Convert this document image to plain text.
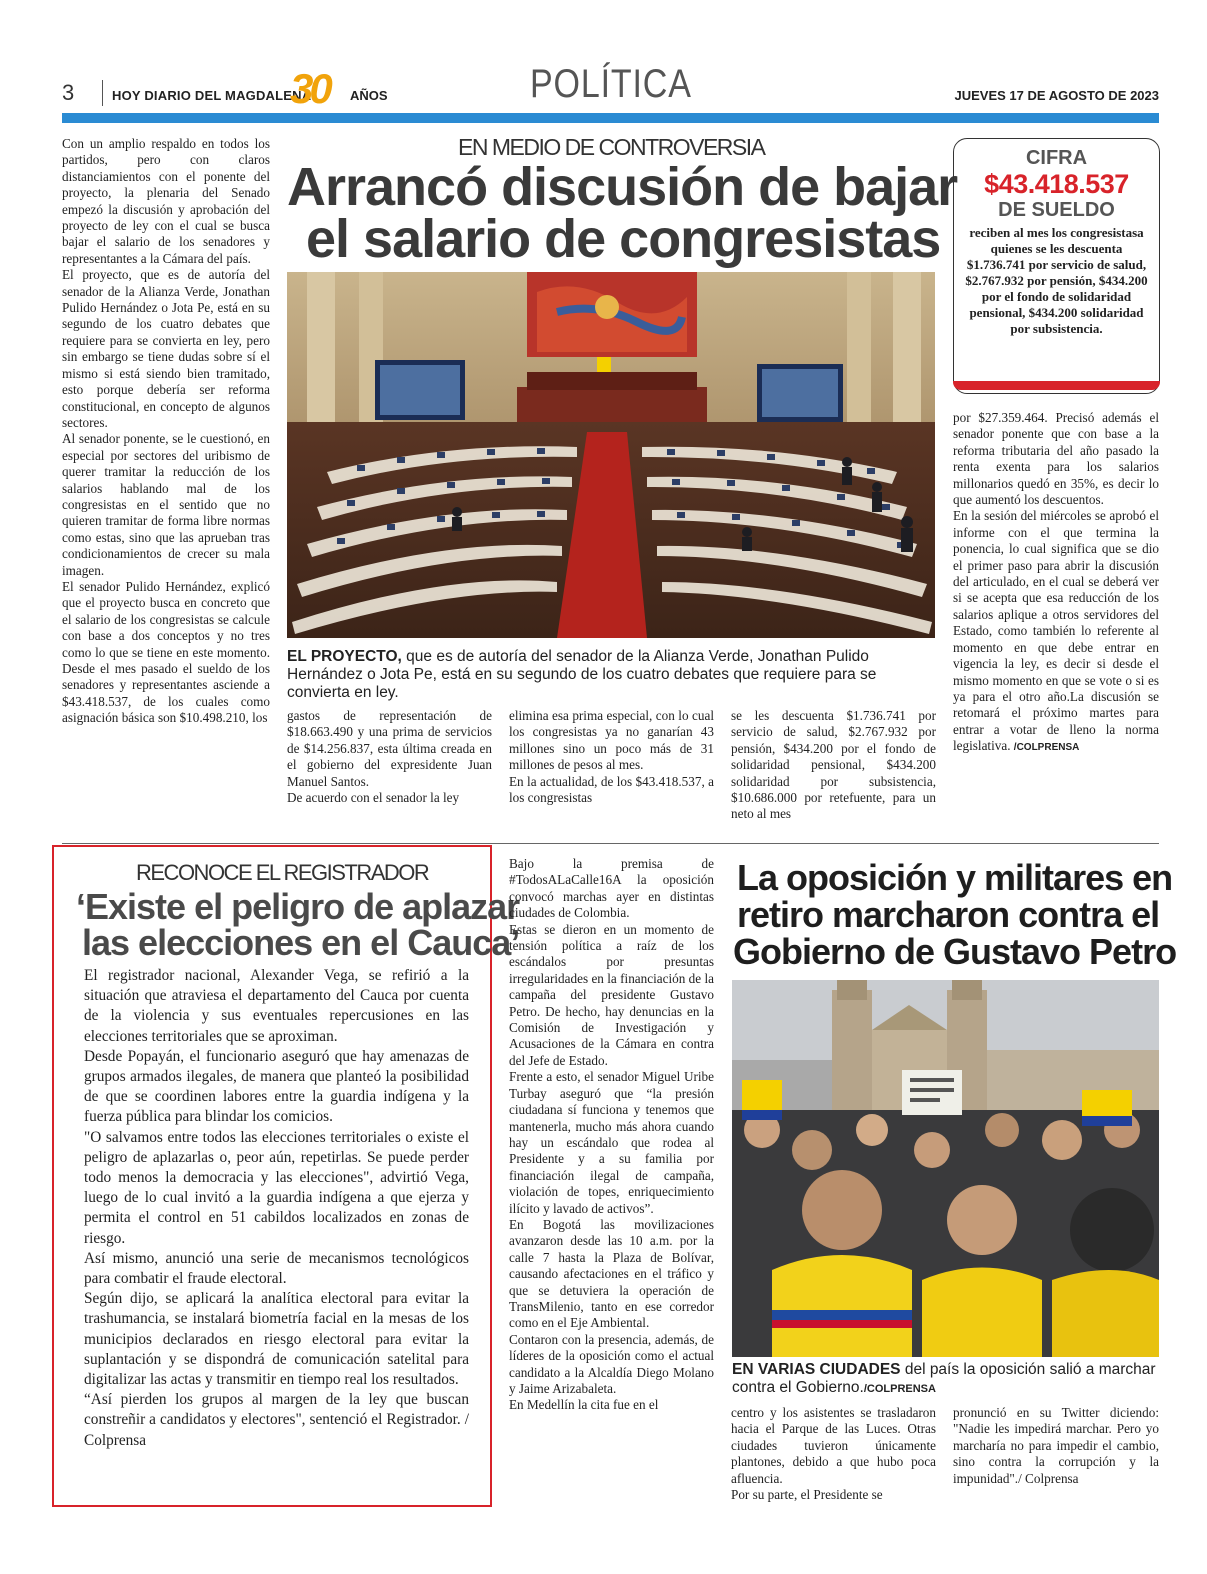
3	HOY DIARIO DEL MAGDALENA
30 AÑOS	POLÍTICA	JUEVES 17 DE AGOSTO DE 2023

Con un amplio respaldo en todos los partidos, pero con claros distanciamientos con el ponente del proyecto, la plenaria del Senado empezó la discusión y aprobación del proyecto de ley con el cual se busca bajar el salario de los senadores y representantes a la Cámara del país.

El proyecto, que es de autoría del senador de la Alianza Verde, Jonathan Pulido Hernández o Jota Pe, está en su segundo de los cuatro debates que requiere para se convierta en ley, pero sin embargo se tiene dudas sobre sí el mismo si está siendo bien tramitado, esto porque debería ser reforma constitucional, en concepto de algunos sectores.

Al senador ponente, se le cuestionó, en especial por sectores del uribismo de querer tramitar la reducción de los salarios hablando mal de los congresistas en el sentido que no quieren tramitar de forma libre normas como estas, sino que las aprueban tras condicionamientos de crecer su mala imagen.

El senador Pulido Hernández, explicó que el proyecto busca en concreto que el salario de los congresistas se calcule con base a dos conceptos y no tres como lo que se tiene en este momento. Desde el mes pasado el sueldo de los senadores y representantes asciende a $43.418.537, de los cuales como asignación básica son $10.498.210, los

EN MEDIO DE CONTROVERSIA
Arrancó discusión de bajar
el salario de congresistas
CIFRA
$43.418.537
DE SUELDO
reciben al mes los congresistasa quienes se les descuenta $1.736.741 por servicio de salud, $2.767.932 por pensión, $434.200 por el fondo de solidaridad pensional, $434.200 solidaridad por subsistencia.
EL PROYECTO, que es de autoría del senador de la Alianza Verde, Jonathan Pulido Hernández o Jota Pe, está en su segundo de los cuatro debates que requiere para se convierta en ley.
gastos de representación de $18.663.490 y una prima de servicios de $14.256.837, esta última creada en el gobierno del expresidente Juan Manuel Santos.
De acuerdo con el senador la ley
elimina esa prima especial, con lo cual los congresistas ya no ganarían 43 millones sino un poco más de 31 millones de pesos al mes.
En la actualidad, de los $43.418.537, a los congresistas
se les descuenta $1.736.741 por servicio de salud, $2.767.932 por pensión, $434.200 por el fondo de solidaridad pensional, $434.200 solidaridad por subsistencia, $10.686.000 por retefuente, para un neto al mes

por $27.359.464. Precisó además el senador ponente que con base a la reforma tributaria del año pasado la renta exenta para los salarios millonarios quedó en 35%, es decir lo que aumentó los descuentos.

En la sesión del miércoles se aprobó el informe con el que termina la ponencia, lo cual significa que se dio el primer paso para abrir la discusión del articulado, en el cual se deberá ver si se acepta que esa reducción de los salarios aplique a otros servidores del Estado, como también lo referente al momento en que debe entrar en vigencia la ley, es decir si desde el mismo momento en que se vote o si es ya para el otro año.La discusión se retomará el próximo martes para entrar a votar de lleno la norma legislativa. /COLPRENSA

RECONOCE EL REGISTRADOR
‘Existe el peligro de aplazar
las elecciones en el Cauca’

El registrador nacional, Alexander Vega, se refirió a la situación que atraviesa el departamento del Cauca por cuenta de la violencia y sus eventuales repercusiones en las elecciones territoriales que se aproximan.

Desde Popayán, el funcionario aseguró que hay amenazas de grupos armados ilegales, de manera que planteó la posibilidad de que se coordinen labores entre la guardia indígena y la fuerza pública para blindar los comicios.

"O salvamos entre todos las elecciones territoriales o existe el peligro de aplazarlas o, peor aún, repetirlas. Se puede perder todo menos la democracia y las elecciones", advirtió Vega, luego de lo cual invitó a la guardia indígena a que ejerza y permita el control en 51 cabildos localizados en zonas de riesgo.

Así mismo, anunció una serie de mecanismos tecnológicos para combatir el fraude electoral.

Según dijo, se aplicará la analítica electoral para evitar la trashumancia, se instalará biometría facial en la mesas de los municipios declarados en riesgo electoral para evitar la suplantación y se dispondrá de comunicación satelital para digitalizar las actas y transmitir en tiempo real los resultados.

“Así pierden los grupos al margen de la ley que buscan constreñir a candidatos y electores", sentenció el Registrador. / Colprensa

Bajo la premisa de #TodosALaCalle16A la oposición convocó marchas ayer en distintas ciudades de Colombia.

Estas se dieron en un momento de tensión política a raíz de los escándalos por presuntas irregularidades en la financiación de la campaña del presidente Gustavo Petro. De hecho, hay denuncias en la Comisión de Investigación y Acusaciones de la Cámara en contra del Jefe de Estado.

Frente a esto, el senador Miguel Uribe Turbay aseguró que “la presión ciudadana sí funciona y tenemos que mantenerla, mucho más ahora cuando hay un escándalo que rodea al Presidente y a su familia por financiación ilegal de campaña, violación de topes, enriquecimiento ilícito y lavado de activos”.

En Bogotá las movilizaciones avanzaron desde las 10 a.m. por la calle 7 hasta la Plaza de Bolívar, causando afectaciones en el tráfico y que se detuviera la operación de TransMilenio, tanto en ese corredor como en el Eje Ambiental.

Contaron con la presencia, además, de líderes de la oposición como el actual candidato a la Alcaldía Diego Molano y Jaime Arizabaleta.

En Medellín la cita fue en el

La oposición y militares en
retiro marcharon contra el
Gobierno de Gustavo Petro
EN VARIAS CIUDADES del país la oposición salió a marchar contra el Gobierno./COLPRENSA

centro y los asistentes se trasladaron hacia el Parque de las Luces. Otras ciudades tuvieron únicamente plantones, debido a que hubo poca afluencia.

Por su parte, el Presidente se

pronunció en su Twitter diciendo: "Nadie les impedirá marchar. Pero yo marcharía no para impedir el cambio, sino contra la corrupción y la impunidad"./ Colprensa
